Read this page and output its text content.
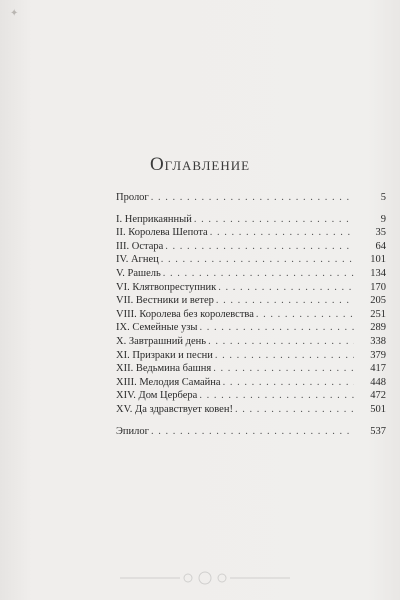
✦
Оглавление
Пролог . . .	5
I. Неприкаянный . . .	9
II. Королева Шепота . . .	35
III. Остара . . .	64
IV. Агнец . . .	101
V. Рашель . . .	134
VI. Клятвопреступник . . .	170
VII. Вестники и ветер . . .	205
VIII. Королева без королевства . . .	251
IX. Семейные узы . . .	289
X. Завтрашний день . . .	338
XI. Призраки и песни . . .	379
XII. Ведьмина башня . . .	417
XIII. Мелодия Самайна . . .	448
XIV. Дом Цербера . . .	472
XV. Да здравствует ковен! . . .	501
Эпилог . . .	537
